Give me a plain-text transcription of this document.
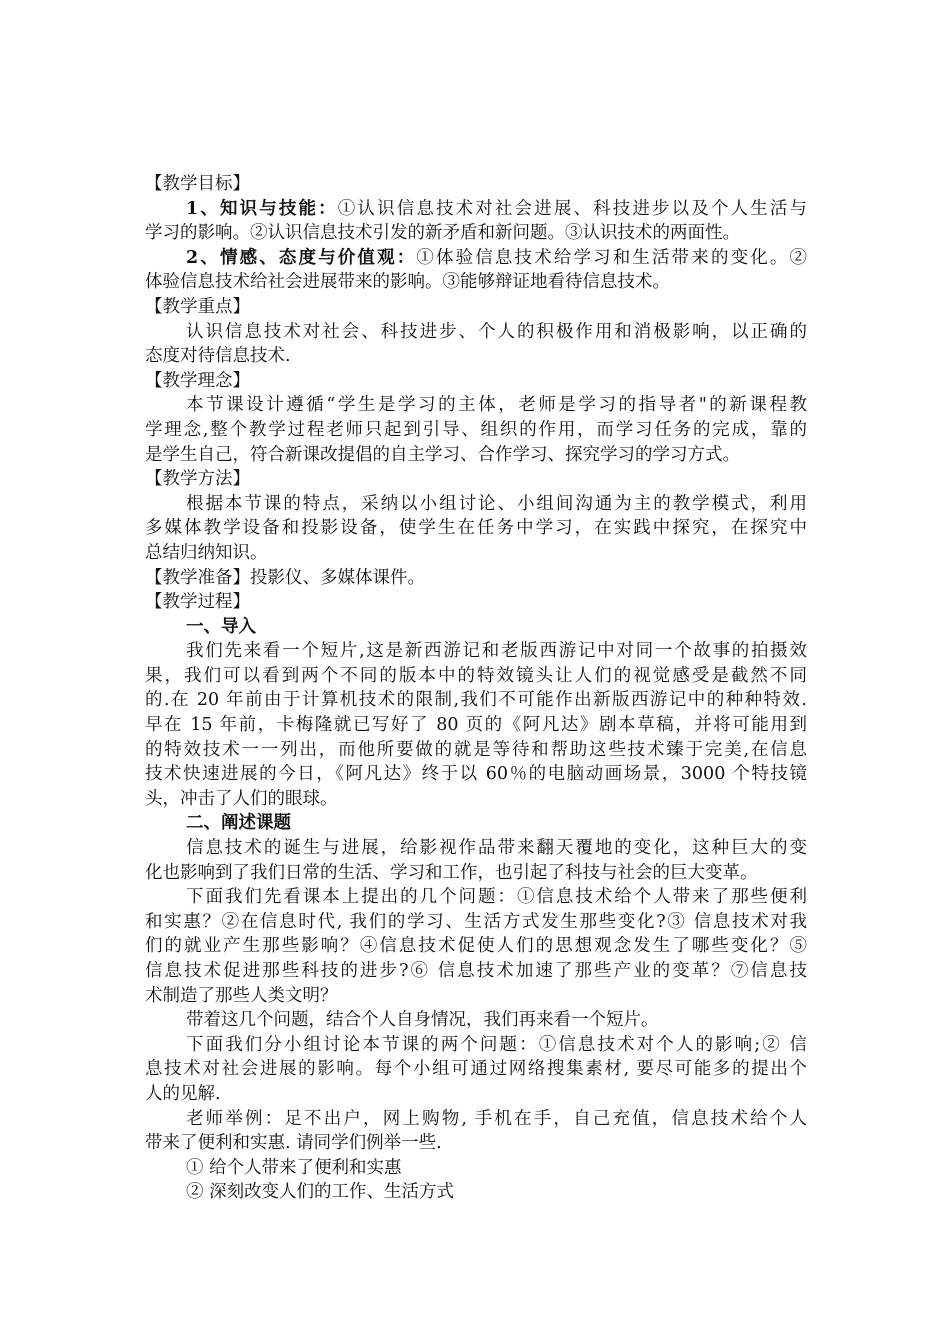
【教学目标】
1、知识与技能：①认识信息技术对社会进展、科技进步以及个人生活与
学习的影响。②认识信息技术引发的新矛盾和新问题。③认识技术的两面性。
2、情感、态度与价值观：①体验信息技术给学习和生活带来的变化。②
体验信息技术给社会进展带来的影响。③能够辩证地看待信息技术。
【教学重点】
认识信息技术对社会、科技进步、个人的积极作用和消极影响，以正确的
态度对待信息技术.
【教学理念】
本节课设计遵循“学生是学习的主体，老师是学习的指导者"的新课程教
学理念,整个教学过程老师只起到引导、组织的作用，而学习任务的完成，靠的
是学生自己，符合新课改提倡的自主学习、合作学习、探究学习的学习方式。
【教学方法】
根据本节课的特点，采纳以小组讨论、小组间沟通为主的教学模式，利用
多媒体教学设备和投影设备，使学生在任务中学习，在实践中探究，在探究中
总结归纳知识。
【教学准备】投影仪、多媒体课件。
【教学过程】
一、导入
我们先来看一个短片,这是新西游记和老版西游记中对同一个故事的拍摄效
果，我们可以看到两个不同的版本中的特效镜头让人们的视觉感受是截然不同
的.在 20 年前由于计算机技术的限制,我们不可能作出新版西游记中的种种特效.
早在 15 年前，卡梅隆就已写好了 80 页的《阿凡达》剧本草稿，并将可能用到
的特效技术一一列出，而他所要做的就是等待和帮助这些技术臻于完美,在信息
技术快速进展的今日，《阿凡达》终于以 60％的电脑动画场景，3000 个特技镜
头，冲击了人们的眼球。
二、阐述课题
信息技术的诞生与进展，给影视作品带来翻天覆地的变化，这种巨大的变
化也影响到了我们日常的生活、学习和工作，也引起了科技与社会的巨大变革。
下面我们先看课本上提出的几个问题：①信息技术给个人带来了那些便利
和实惠？②在信息时代, 我们的学习、生活方式发生那些变化?③ 信息技术对我
们的就业产生那些影响？④信息技术促使人们的思想观念发生了哪些变化？⑤
信息技术促进那些科技的进步?⑥ 信息技术加速了那些产业的变革？⑦信息技
术制造了那些人类文明？
带着这几个问题，结合个人自身情况，我们再来看一个短片。
下面我们分小组讨论本节课的两个问题：①信息技术对个人的影响;② 信
息技术对社会进展的影响。每个小组可通过网络搜集素材, 要尽可能多的提出个
人的见解.
老师举例：足不出户，网上购物, 手机在手，自己充值，信息技术给个人
带来了便利和实惠. 请同学们例举一些.
① 给个人带来了便利和实惠
② 深刻改变人们的工作、生活方式
